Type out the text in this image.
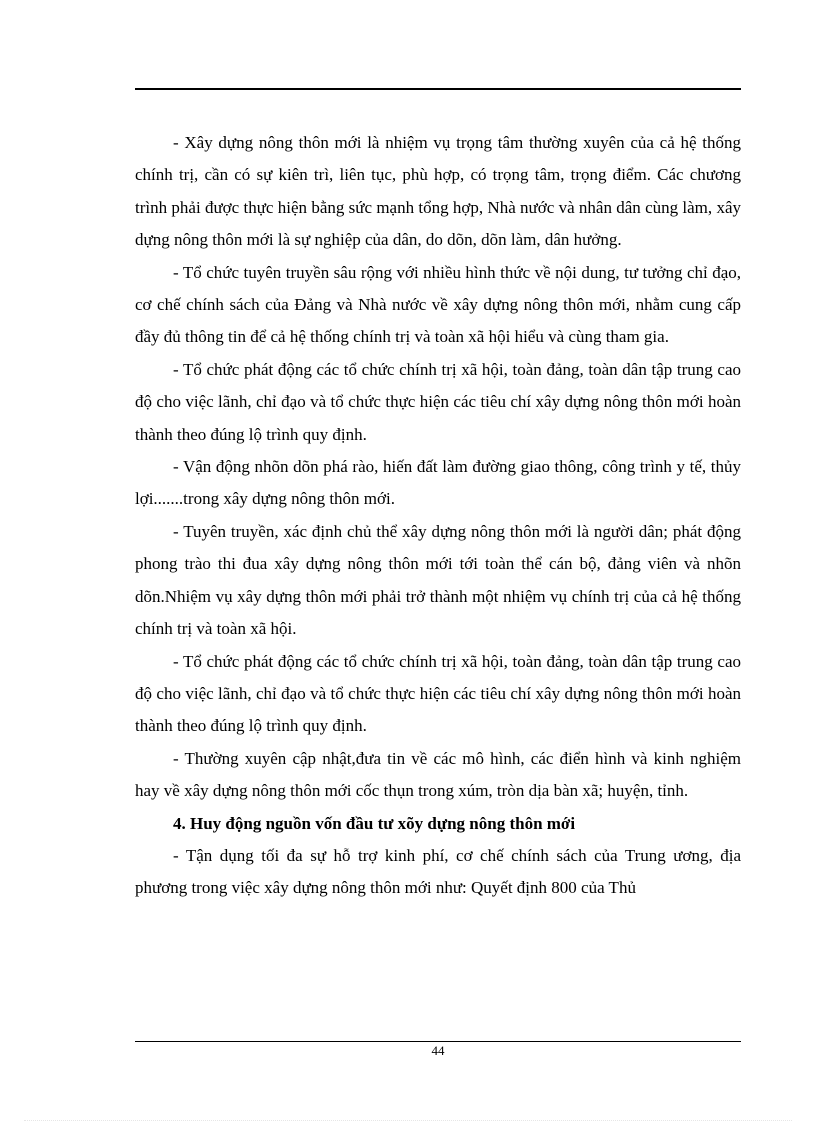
- Xây dựng nông thôn mới là nhiệm vụ trọng tâm thường xuyên của cả hệ thống chính trị, cần có sự kiên trì, liên tục, phù hợp, có trọng tâm, trọng điểm. Các chương trình phải được thực hiện bằng sức mạnh tổng hợp, Nhà nước và nhân dân cùng làm, xây dựng nông thôn mới là sự nghiệp của dân, do dõn, dõn làm, dân hưởng.

- Tổ chức tuyên truyền sâu rộng với nhiều hình thức về nội dung, tư tưởng chỉ đạo, cơ chế chính sách của Đảng và Nhà nước về xây dựng nông thôn mới, nhằm cung cấp đầy đủ thông tin để cả hệ thống chính trị và toàn xã hội hiểu và cùng tham gia.

- Tổ chức phát động các tổ chức chính trị xã hội, toàn đảng, toàn dân tập trung cao độ cho việc lãnh, chỉ đạo và tổ chức thực hiện các tiêu chí xây dựng nông thôn mới hoàn thành theo đúng lộ trình quy định.

- Vận động nhõn dõn phá rào, hiến đất làm đường giao thông, công trình y tế, thủy lợi.......trong xây dựng nông thôn mới.

- Tuyên truyền, xác định chủ thể xây dựng nông thôn mới là người dân; phát động phong trào thi đua xây dựng nông thôn mới tới toàn thể cán bộ, đảng viên và nhõn dõn.Nhiệm vụ xây dựng thôn mới phải trở thành một nhiệm vụ chính trị của cả hệ thống chính trị và toàn xã hội.

- Tổ chức phát động các tổ chức chính trị xã hội, toàn đảng, toàn dân tập trung cao độ cho việc lãnh, chỉ đạo và tổ chức thực hiện các tiêu chí xây dựng nông thôn mới hoàn thành theo đúng lộ trình quy định.

- Thường xuyên cập nhật,đưa tin về các mô hình, các điển hình và kinh nghiệm hay về xây dựng nông thôn mới cốc thụn trong xúm, tròn dịa bàn xã; huyện, tỉnh.

4. Huy động nguồn vốn đầu tư xõy dựng nông thôn mới

- Tận dụng tối đa sự hỗ trợ kinh phí, cơ chế chính sách của Trung ương, địa phương trong việc xây dựng nông thôn mới như: Quyết định 800 của Thủ

44
